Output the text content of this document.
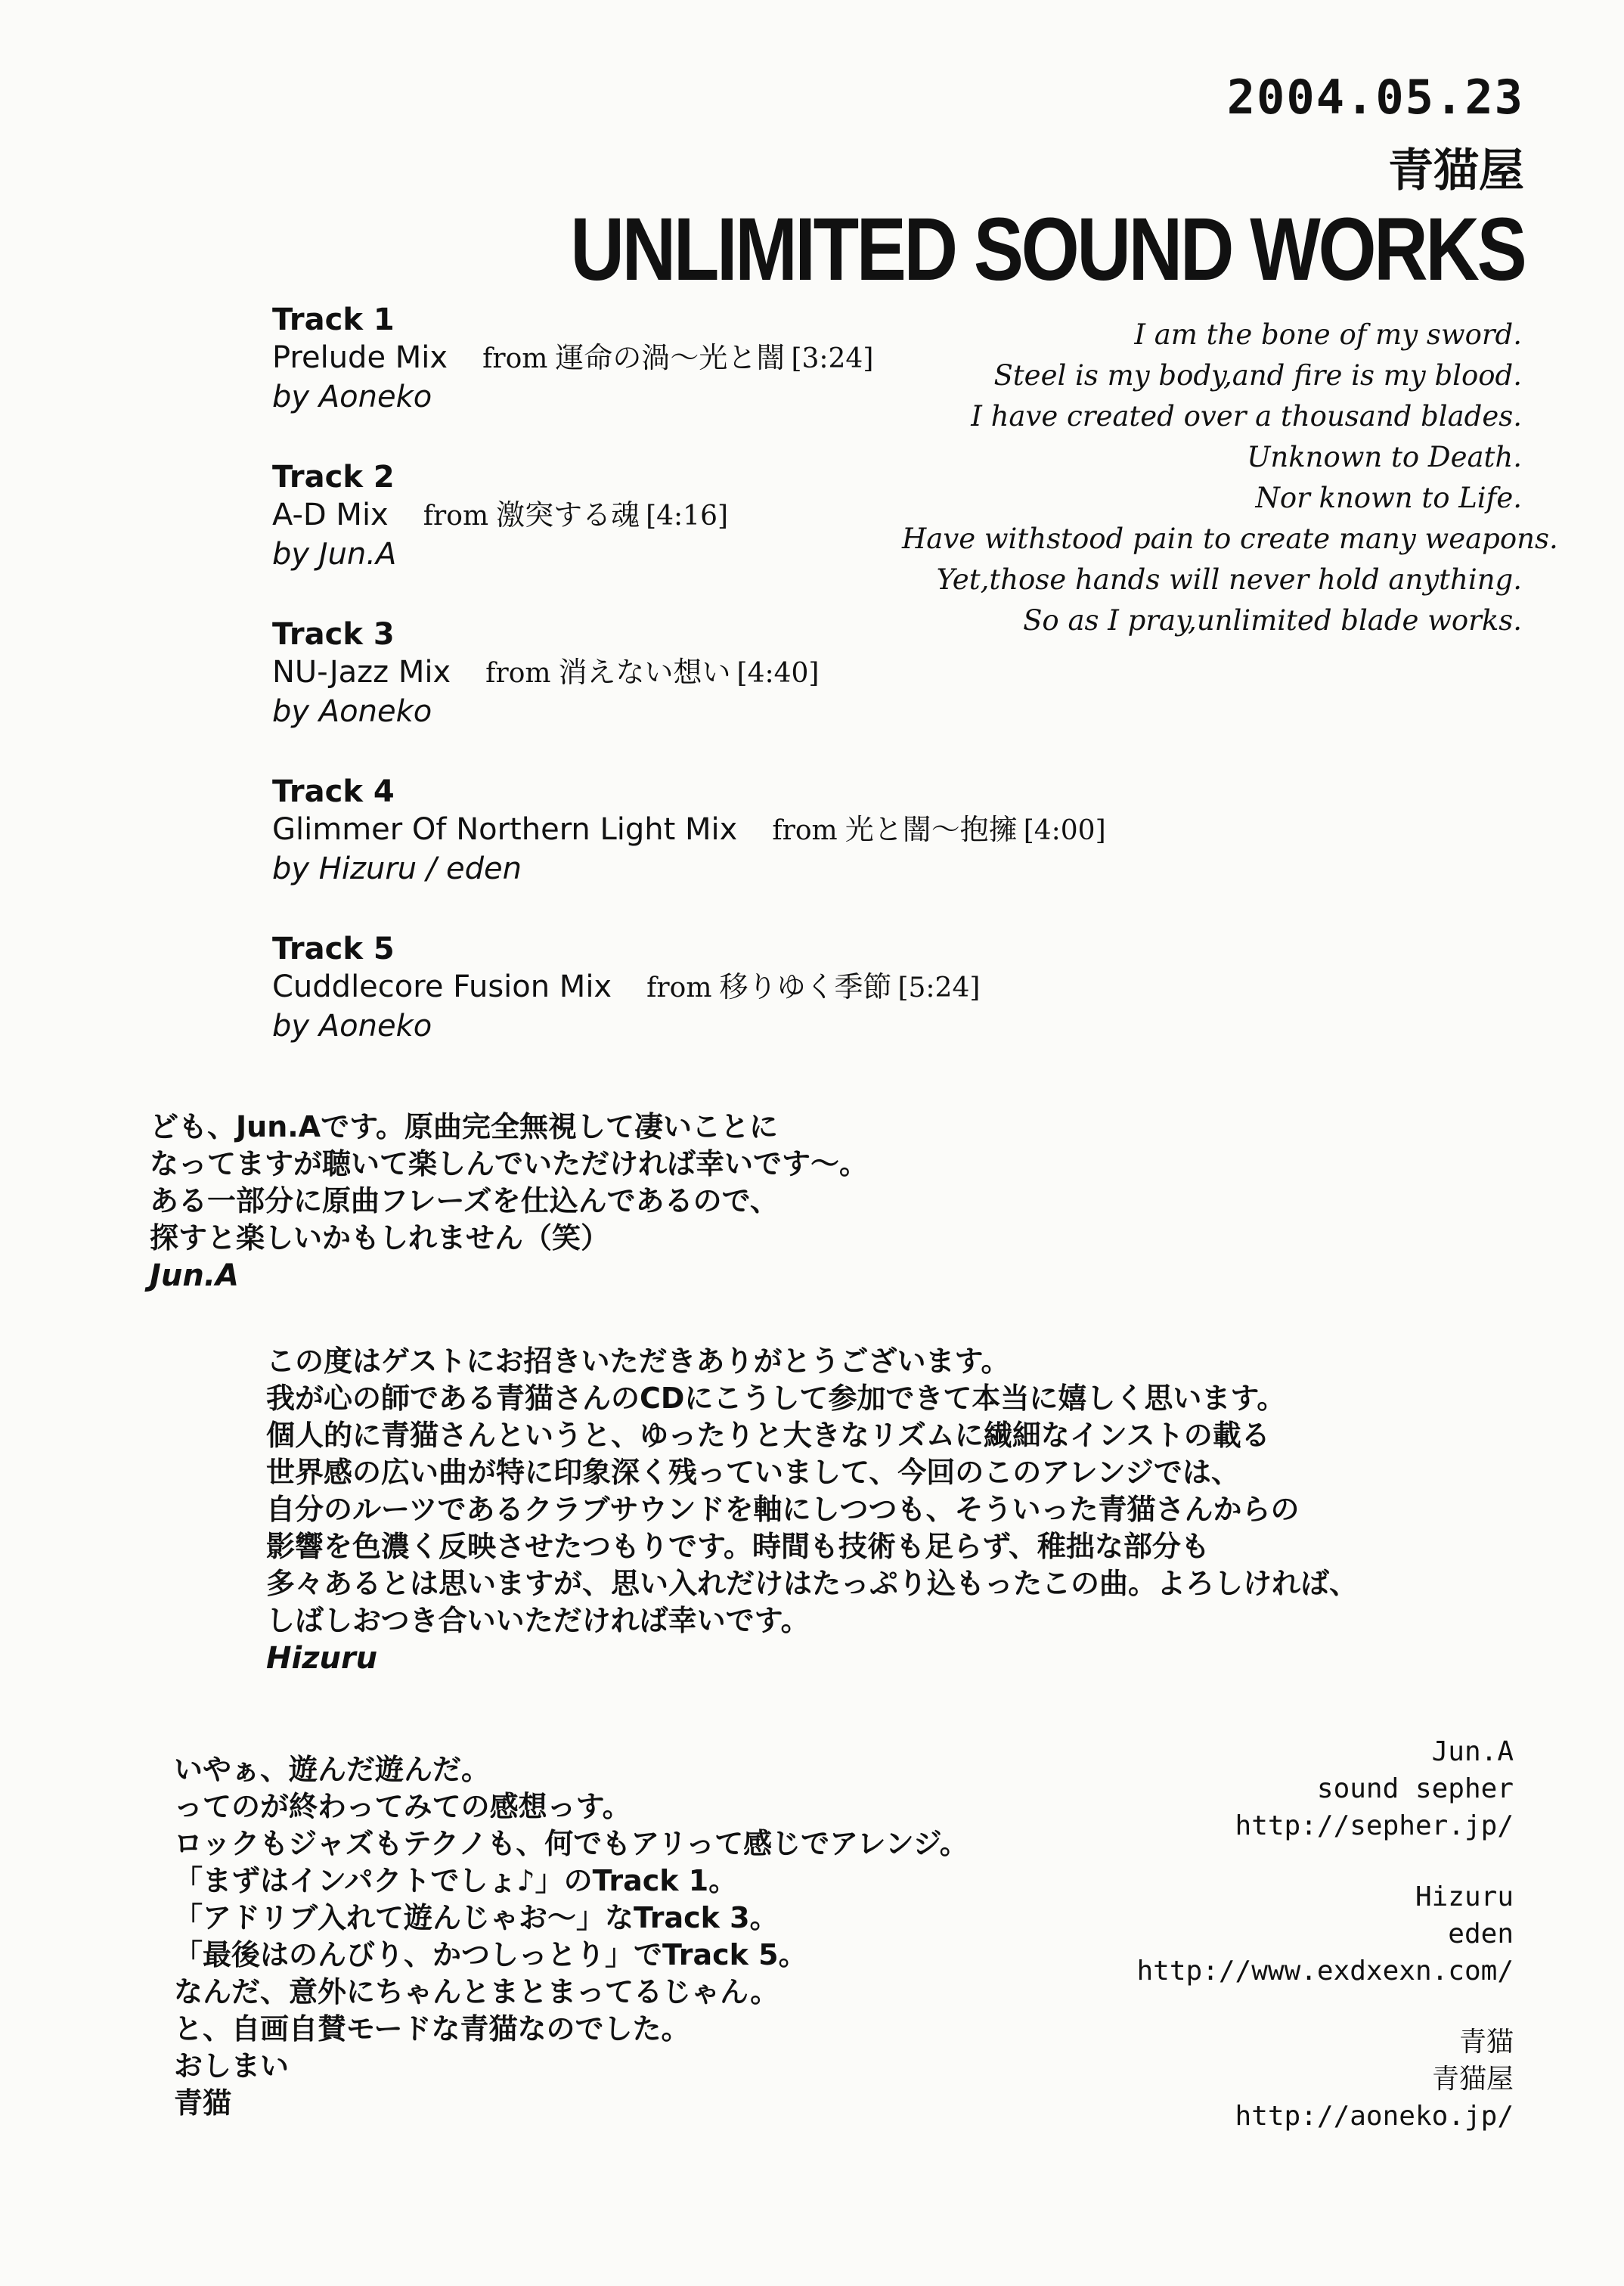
2004.05.23
青猫屋
UNLIMITED SOUND WORKS
Track 1
Prelude Mix from 運命の渦～光と闇 [3:24]
by Aoneko
Track 2
A-D Mix from 激突する魂 [4:16]
by Jun.A
Track 3
NU-Jazz Mix from 消えない想い [4:40]
by Aoneko
Track 4
Glimmer Of Northern Light Mix from 光と闇～抱擁 [4:00]
by Hizuru / eden
Track 5
Cuddlecore Fusion Mix from 移りゆく季節 [5:24]
by Aoneko
I am the bone of my sword.
Steel is my body,and fire is my blood.
I have created over a thousand blades.
Unknown to Death.
Nor known to Life.
Have withstood pain to create many weapons.
Yet,those hands will never hold anything.
So as I pray,unlimited blade works.
ども、Jun.Aです。原曲完全無視して凄いことに
なってますが聴いて楽しんでいただければ幸いです～。
ある一部分に原曲フレーズを仕込んであるので、
探すと楽しいかもしれません（笑）
Jun.A
この度はゲストにお招きいただきありがとうございます。
我が心の師である青猫さんのCDにこうして参加できて本当に嬉しく思います。
個人的に青猫さんというと、ゆったりと大きなリズムに繊細なインストの載る
世界感の広い曲が特に印象深く残っていまして、今回のこのアレンジでは、
自分のルーツであるクラブサウンドを軸にしつつも、そういった青猫さんからの
影響を色濃く反映させたつもりです。時間も技術も足らず、稚拙な部分も
多々あるとは思いますが、思い入れだけはたっぷり込もったこの曲。よろしければ、
しばしおつき合いいただければ幸いです。
Hizuru
いやぁ、遊んだ遊んだ。
ってのが終わってみての感想っす。
ロックもジャズもテクノも、何でもアリって感じでアレンジ。
「まずはインパクトでしょ♪」のTrack 1。
「アドリブ入れて遊んじゃお～」なTrack 3。
「最後はのんびり、かつしっとり」でTrack 5。
なんだ、意外にちゃんとまとまってるじゃん。
と、自画自賛モードな青猫なのでした。
おしまい
青猫
Jun.A
sound sepher
http://sepher.jp/
Hizuru
eden
http://www.exdxexn.com/
青猫
青猫屋
http://aoneko.jp/
